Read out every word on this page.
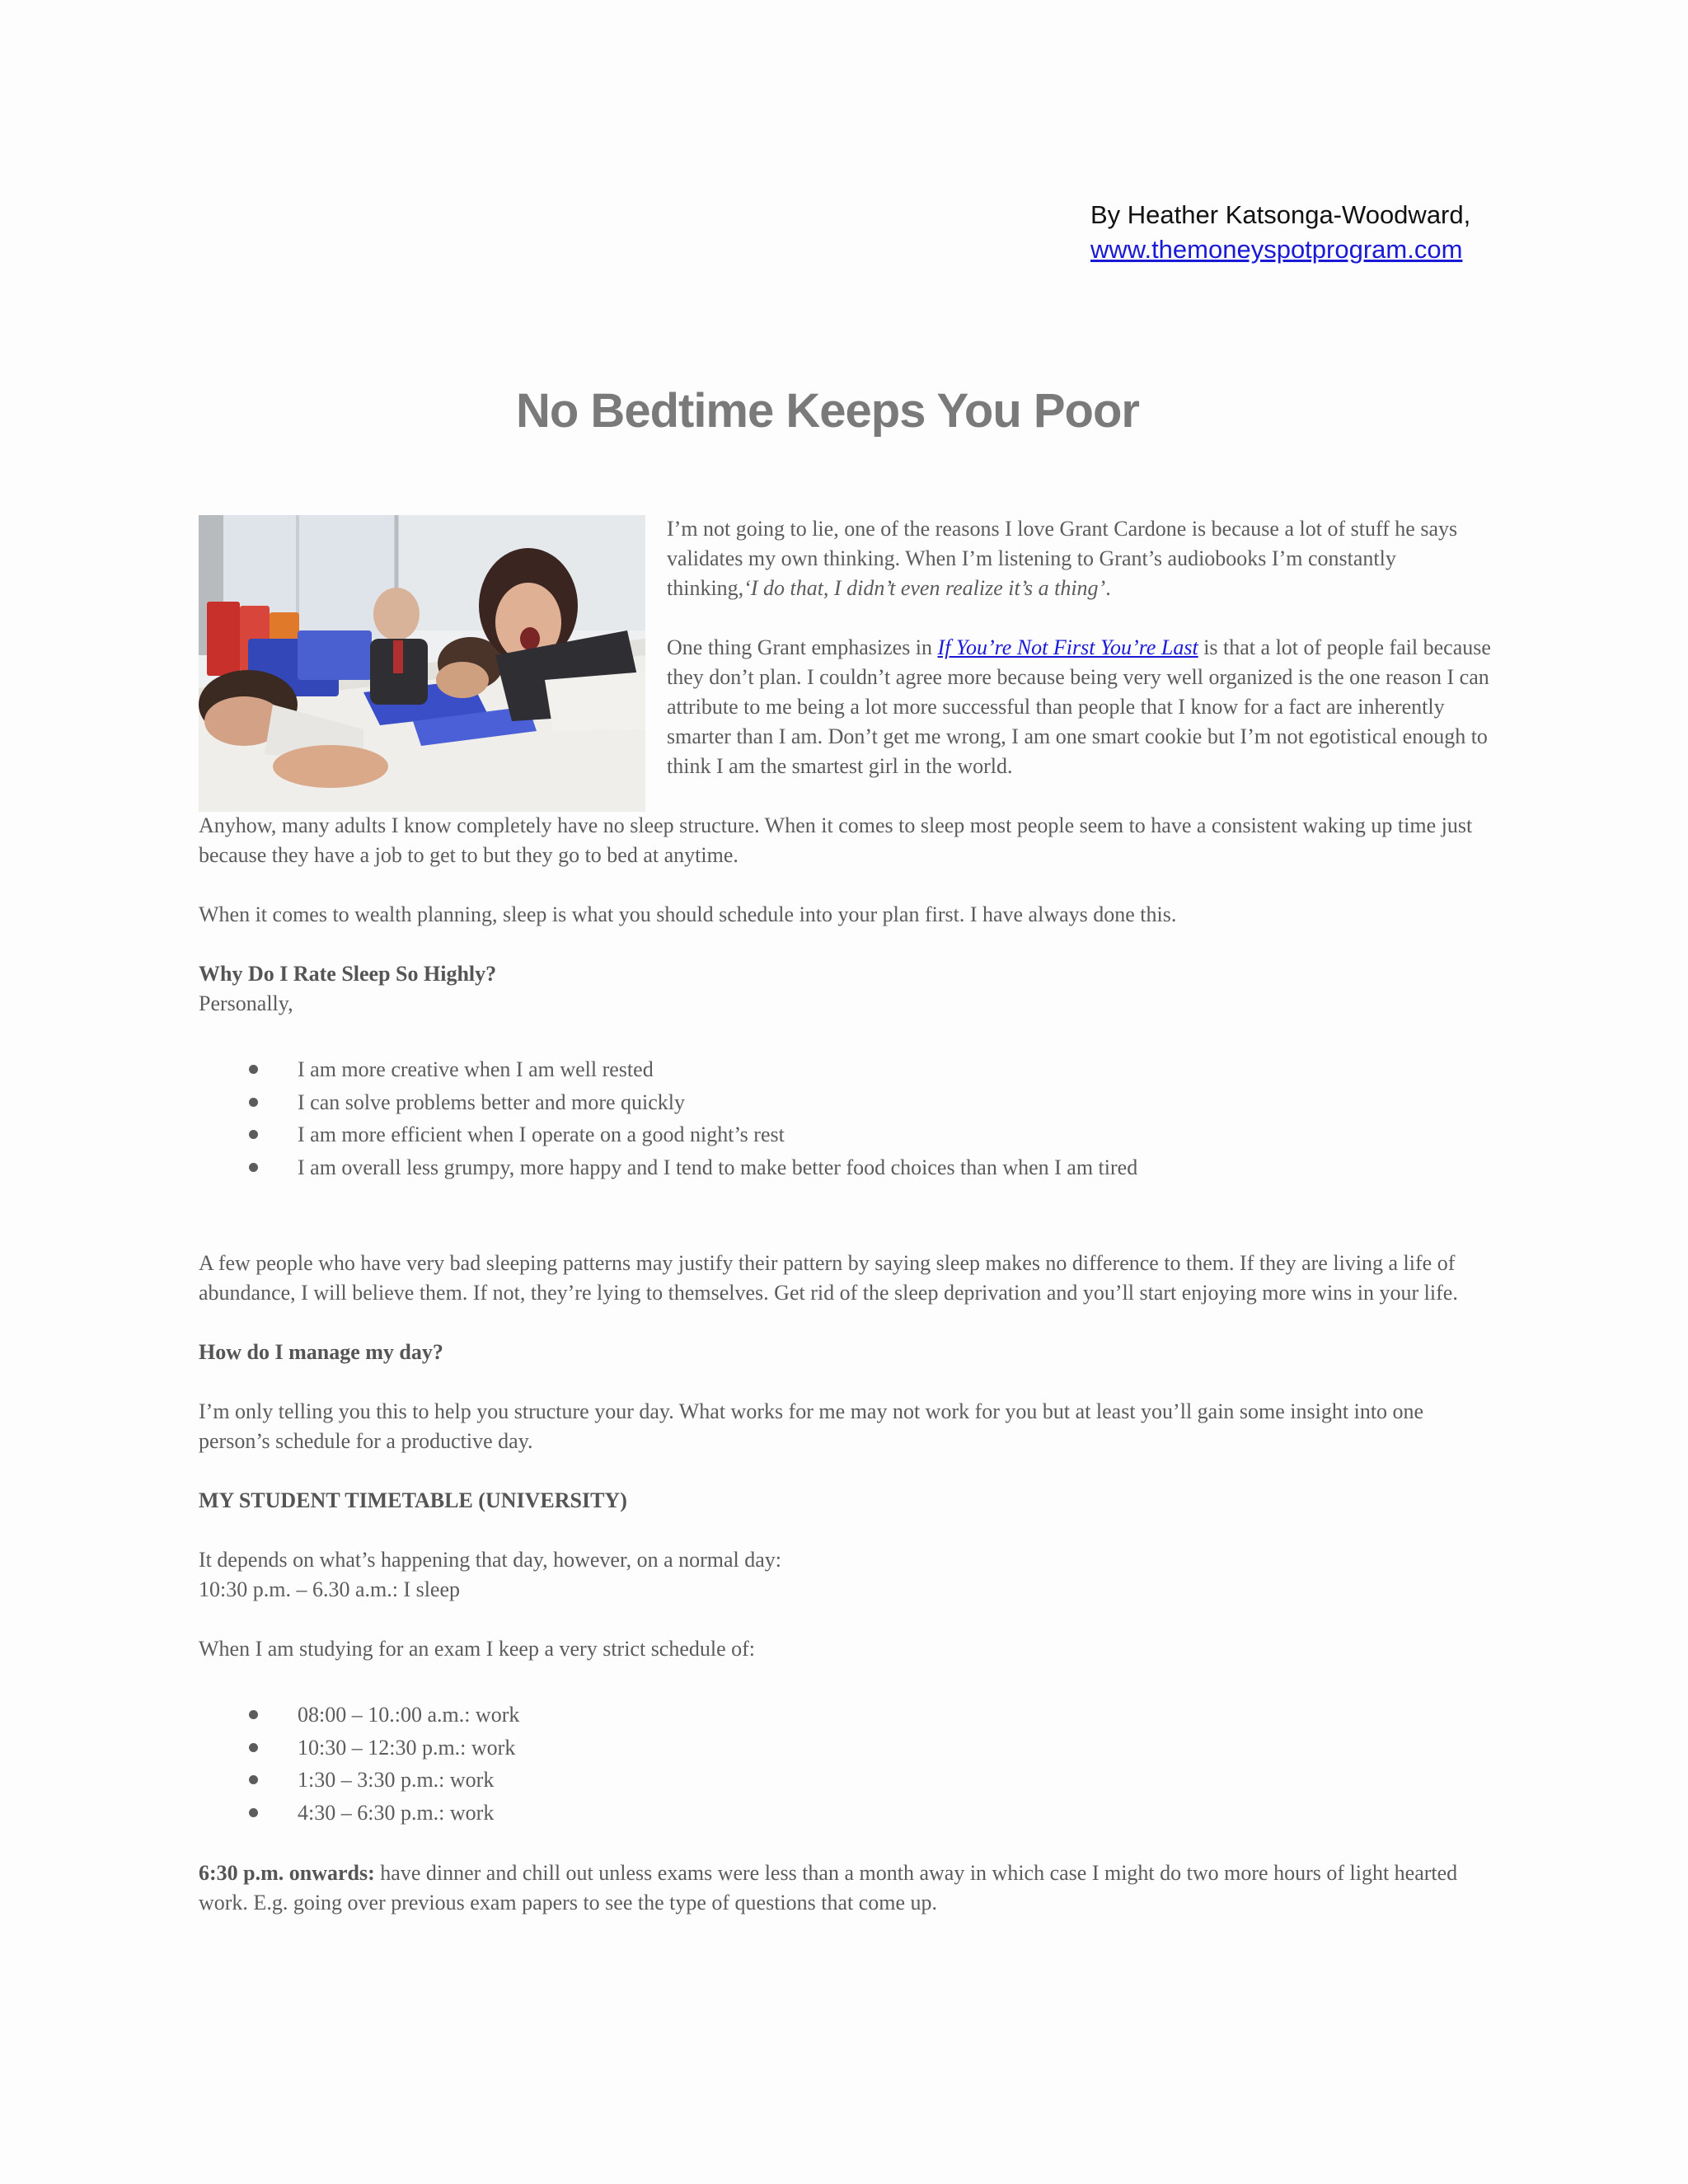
By Heather Katsonga-Woodward,
www.themoneyspotprogram.com
No Bedtime Keeps You Poor

I’m not going to lie, one of the reasons I love Grant Cardone is because a lot of stuff he says validates my own thinking. When I’m listening to Grant’s audiobooks I’m constantly thinking,‘I do that, I didn’t even realize it’s a thing’.

One thing Grant emphasizes in If You’re Not First You’re Last is that a lot of people fail because they don’t plan. I couldn’t agree more because being very well organized is the one reason I can attribute to me being a lot more successful than people that I know for a fact are inherently smarter than I am. Don’t get me wrong, I am one smart cookie but I’m not egotistical enough to think I am the smartest girl in the world.

Anyhow, many adults I know completely have no sleep structure. When it comes to sleep most people seem to have a consistent waking up time just because they have a job to get to but they go to bed at anytime.

When it comes to wealth planning, sleep is what you should schedule into your plan first. I have always done this.

Why Do I Rate Sleep So Highly?

Personally,

I am more creative when I am well rested
I can solve problems better and more quickly
I am more efficient when I operate on a good night’s rest
I am overall less grumpy, more happy and I tend to make better food choices than when I am tired

A few people who have very bad sleeping patterns may justify their pattern by saying sleep makes no difference to them. If they are living a life of abundance, I will believe them. If not, they’re lying to themselves. Get rid of the sleep deprivation and you’ll start enjoying more wins in your life.

How do I manage my day?

I’m only telling you this to help you structure your day. What works for me may not work for you but at least you’ll gain some insight into one person’s schedule for a productive day.

MY STUDENT TIMETABLE (UNIVERSITY)

It depends on what’s happening that day, however, on a normal day:

10:30 p.m. – 6.30 a.m.: I sleep

When I am studying for an exam I keep a very strict schedule of:

08:00 – 10.:00 a.m.: work
10:30 – 12:30 p.m.: work
1:30 – 3:30 p.m.: work
4:30 – 6:30 p.m.: work

6:30 p.m. onwards: have dinner and chill out unless exams were less than a month away in which case I might do two more hours of light hearted work. E.g. going over previous exam papers to see the type of questions that come up.
